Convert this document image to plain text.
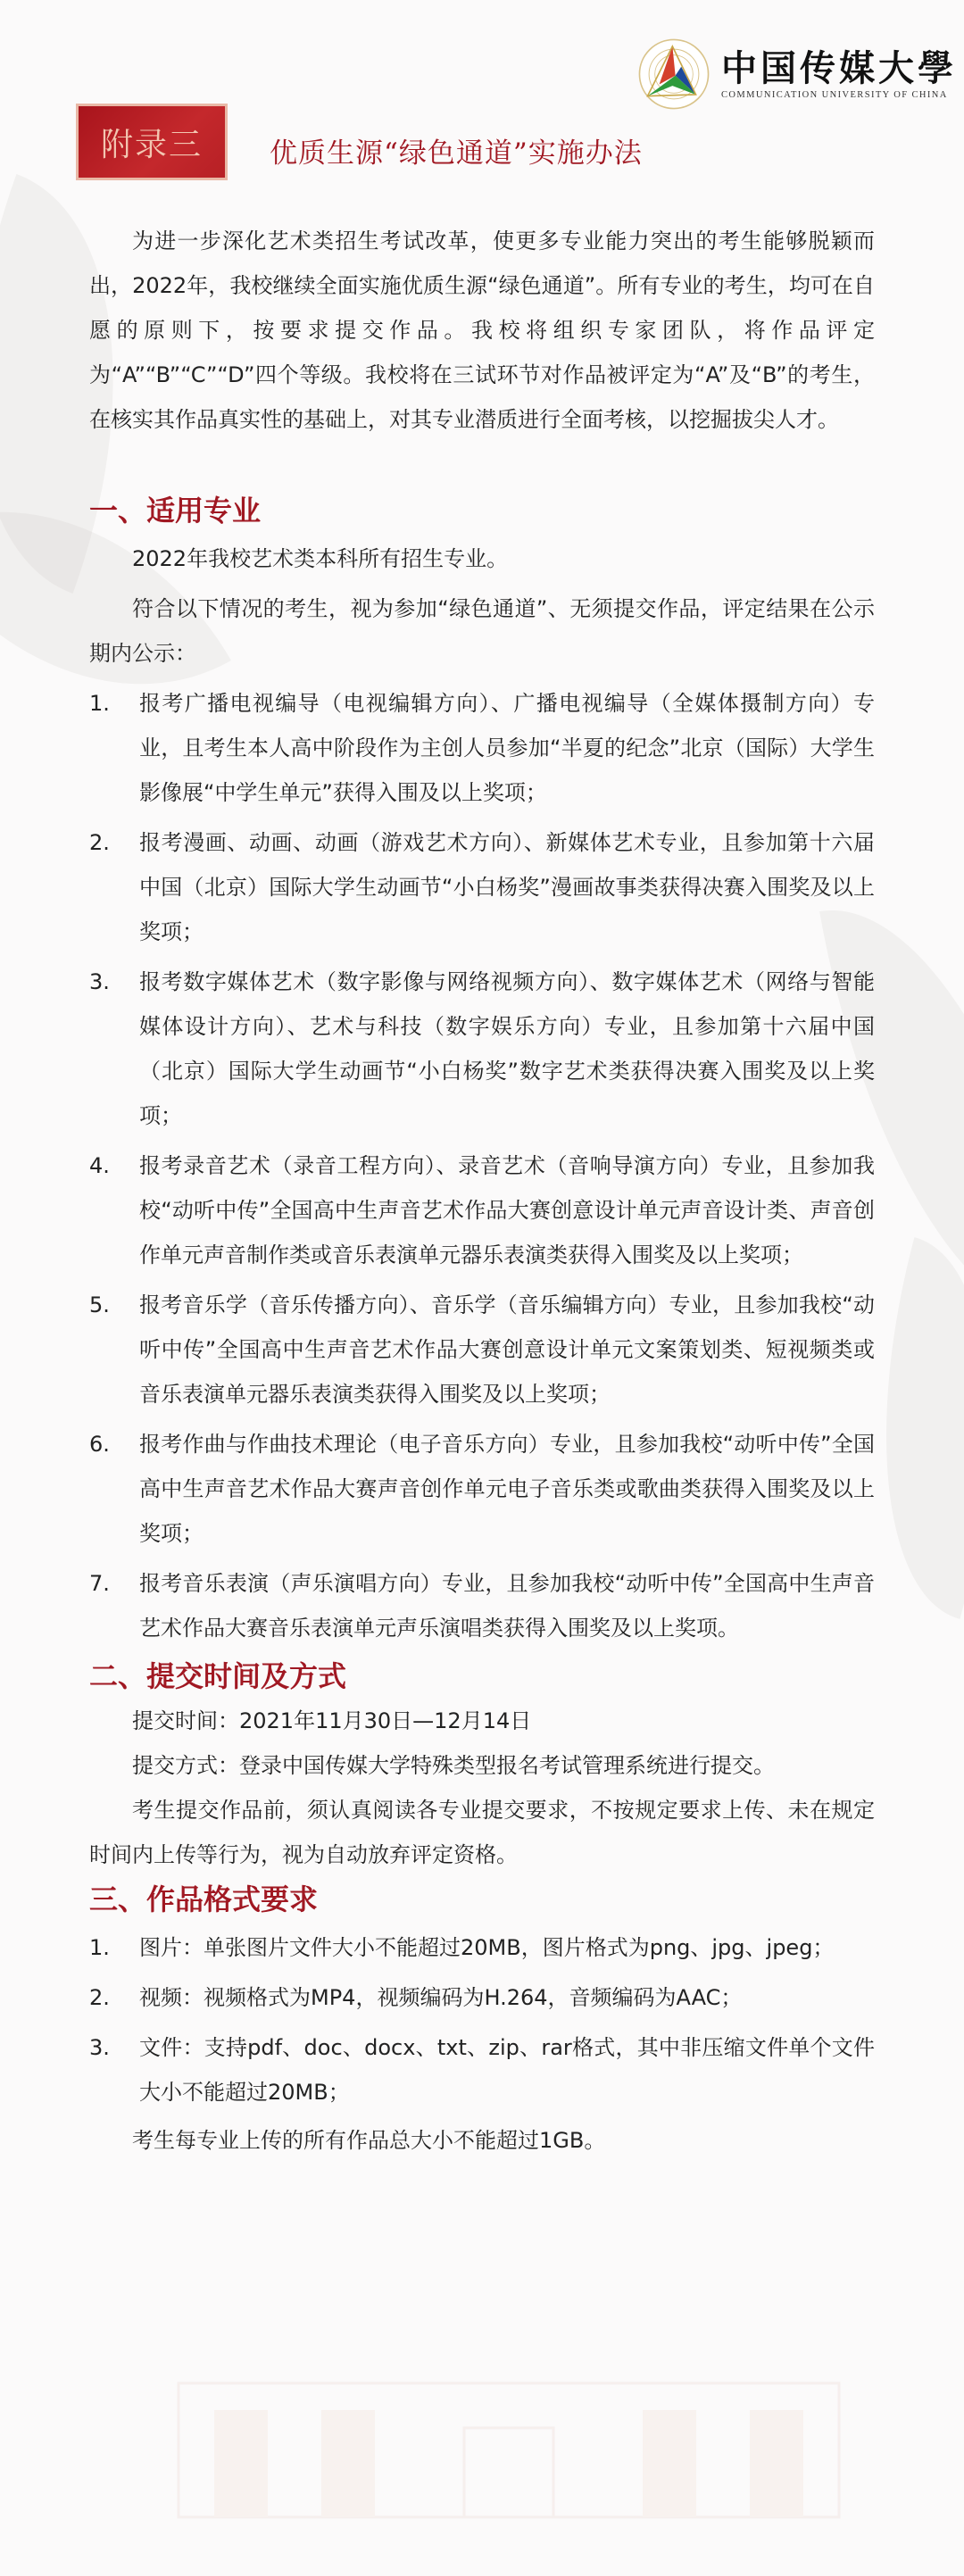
中国传媒大學
COMMUNICATION UNIVERSITY OF CHINA
附录三	优质生源“绿色通道”实施办法

为进一步深化艺术类招生考试改革，使更多专业能力突出的考生能够脱颖而出，2022年，我校继续全面实施优质生源“绿色通道”。所有专业的考生，均可在自愿的原则下，按要求提交作品。我校将组织专家团队，将作品评定为“A”“B”“C”“D”四个等级。我校将在三试环节对作品被评定为“A”及“B”的考生，在核实其作品真实性的基础上，对其专业潜质进行全面考核，以挖掘拔尖人才。

一、适用专业

2022年我校艺术类本科所有招生专业。

符合以下情况的考生，视为参加“绿色通道”、无须提交作品，评定结果在公示期内公示：

1.	报考广播电视编导（电视编辑方向）、广播电视编导（全媒体摄制方向）专业，且考生本人高中阶段作为主创人员参加“半夏的纪念”北京（国际）大学生影像展“中学生单元”获得入围及以上奖项；
2.	报考漫画、动画、动画（游戏艺术方向）、新媒体艺术专业，且参加第十六届中国（北京）国际大学生动画节“小白杨奖”漫画故事类获得决赛入围奖及以上奖项；
3.	报考数字媒体艺术（数字影像与网络视频方向）、数字媒体艺术（网络与智能媒体设计方向）、艺术与科技（数字娱乐方向）专业，且参加第十六届中国（北京）国际大学生动画节“小白杨奖”数字艺术类获得决赛入围奖及以上奖项；
4.	报考录音艺术（录音工程方向）、录音艺术（音响导演方向）专业，且参加我校“动听中传”全国高中生声音艺术作品大赛创意设计单元声音设计类、声音创作单元声音制作类或音乐表演单元器乐表演类获得入围奖及以上奖项；
5.	报考音乐学（音乐传播方向）、音乐学（音乐编辑方向）专业，且参加我校“动听中传”全国高中生声音艺术作品大赛创意设计单元文案策划类、短视频类或音乐表演单元器乐表演类获得入围奖及以上奖项；
6.	报考作曲与作曲技术理论（电子音乐方向）专业，且参加我校“动听中传”全国高中生声音艺术作品大赛声音创作单元电子音乐类或歌曲类获得入围奖及以上奖项；
7.	报考音乐表演（声乐演唱方向）专业，且参加我校“动听中传”全国高中生声音艺术作品大赛音乐表演单元声乐演唱类获得入围奖及以上奖项。
二、提交时间及方式

提交时间：2021年11月30日—12月14日

提交方式：登录中国传媒大学特殊类型报名考试管理系统进行提交。

考生提交作品前，须认真阅读各专业提交要求，不按规定要求上传、未在规定时间内上传等行为，视为自动放弃评定资格。

三、作品格式要求
1.	图片：单张图片文件大小不能超过20MB，图片格式为png、jpg、jpeg；
2.	视频：视频格式为MP4，视频编码为H.264，音频编码为AAC；
3.	文件：支持pdf、doc、docx、txt、zip、rar格式，其中非压缩文件单个文件大小不能超过20MB；

考生每专业上传的所有作品总大小不能超过1GB。
